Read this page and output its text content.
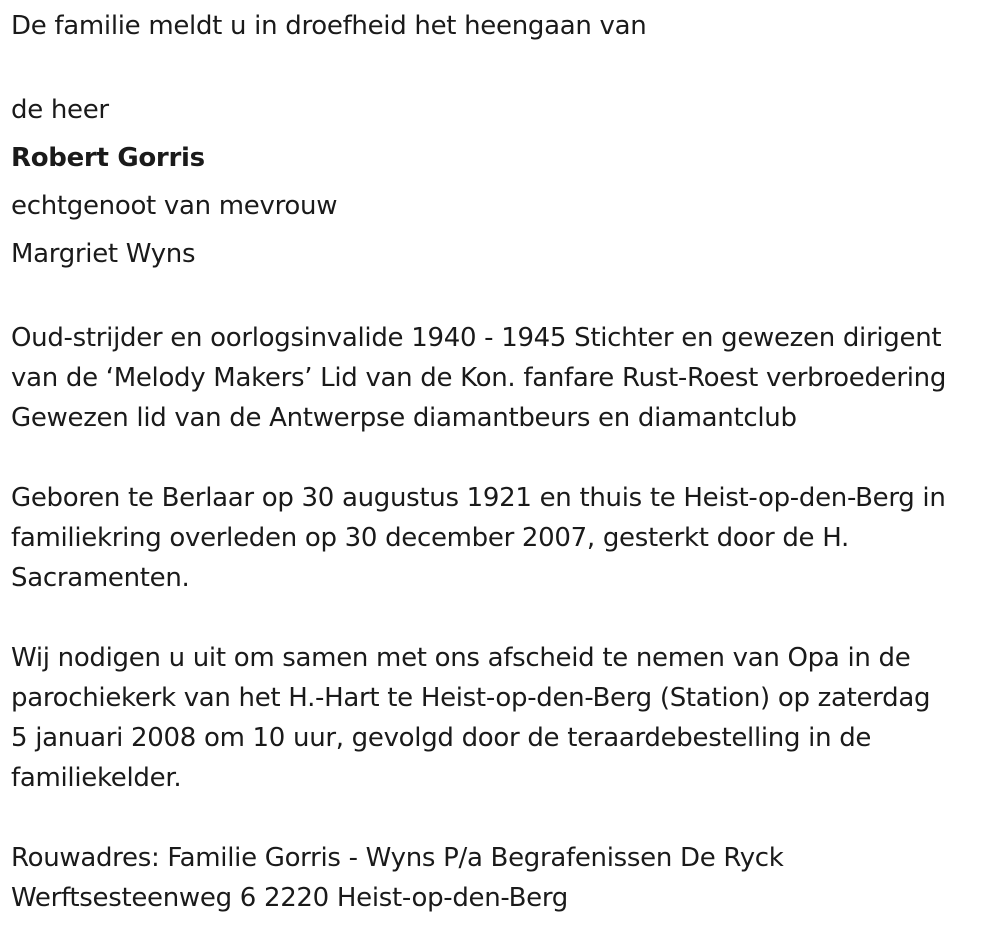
De familie meldt u in droefheid het heengaan van
de heer
Robert Gorris
echtgenoot van mevrouw
Margriet Wyns
Oud-strijder en oorlogsinvalide 1940 - 1945 Stichter en gewezen dirigent
van de ‘Melody Makers’ Lid van de Kon. fanfare Rust-Roest verbroedering
Gewezen lid van de Antwerpse diamantbeurs en diamantclub
Geboren te Berlaar op 30 augustus 1921 en thuis te Heist-op-den-Berg in
familiekring overleden op 30 december 2007, gesterkt door de H.
Sacramenten.
Wij nodigen u uit om samen met ons afscheid te nemen van Opa in de
parochiekerk van het H.-Hart te Heist-op-den-Berg (Station) op zaterdag
5 januari 2008 om 10 uur, gevolgd door de teraardebestelling in de
familiekelder.
Rouwadres: Familie Gorris - Wyns P/a Begrafenissen De Ryck
Werftsesteenweg 6 2220 Heist-op-den-Berg
